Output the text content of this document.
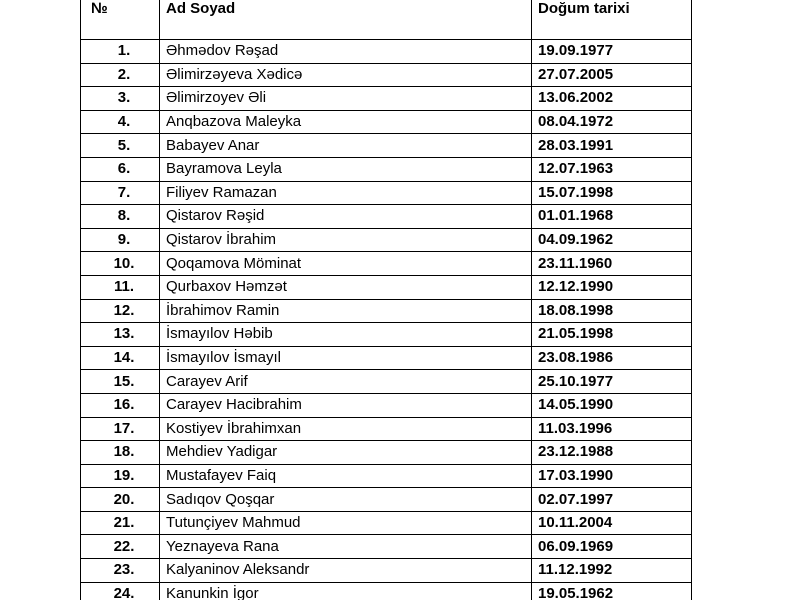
№	Ad Soyad	Doğum tarixi
1.	Əhmədov Rəşad	19.09.1977
2.	Əlimirzəyeva Xədicə	27.07.2005
3.	Əlimirzoyev Əli	13.06.2002
4.	Anqbazova Maleyka	08.04.1972
5.	Babayev Anar	28.03.1991
6.	Bayramova Leyla	12.07.1963
7.	Filiyev Ramazan	15.07.1998
8.	Qistarov Rəşid	01.01.1968
9.	Qistarov İbrahim	04.09.1962
10.	Qoqamova Möminat	23.11.1960
11.	Qurbaxov Həmzət	12.12.1990
12.	İbrahimov Ramin	18.08.1998
13.	İsmayılov Həbib	21.05.1998
14.	İsmayılov İsmayıl	23.08.1986
15.	Carayev Arif	25.10.1977
16.	Carayev Hacibrahim	14.05.1990
17.	Kostiyev İbrahimxan	11.03.1996
18.	Mehdiev Yadigar	23.12.1988
19.	Mustafayev Faiq	17.03.1990
20.	Sadıqov Qoşqar	02.07.1997
21.	Tutunçiyev Mahmud	10.11.2004
22.	Yeznayeva Rana	06.09.1969
23.	Kalyaninov Aleksandr	11.12.1992
24.	Kanunkin İgor	19.05.1962
